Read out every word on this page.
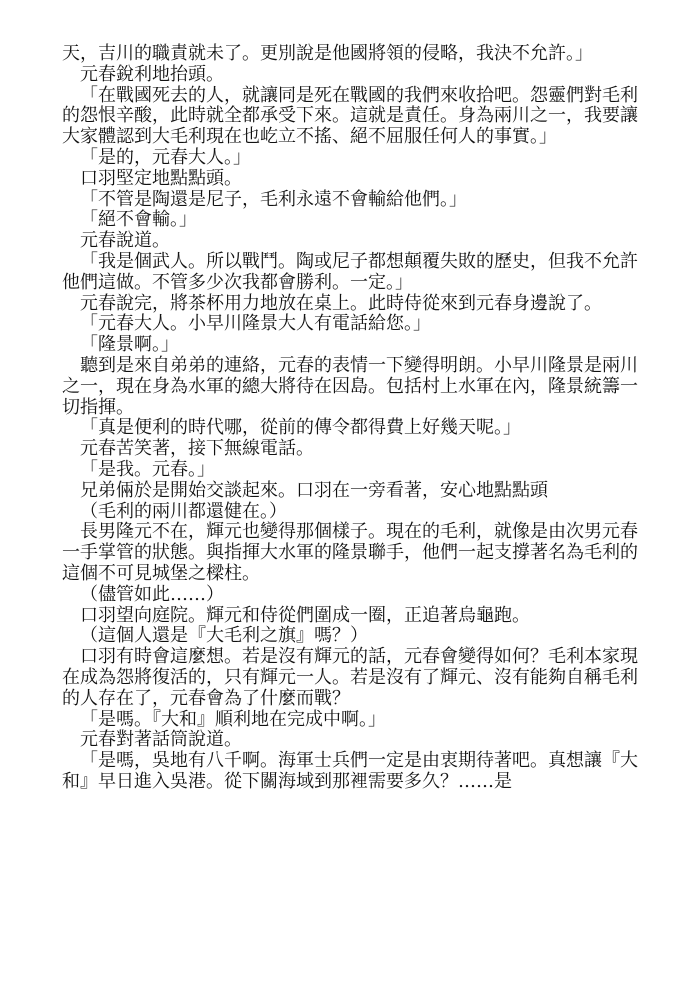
天，吉川的職責就未了。更別說是他國將領的侵略，我決不允許。」

元春銳利地抬頭。

「在戰國死去的人，就讓同是死在戰國的我們來收拾吧。怨靈們對毛利的怨恨辛酸，此時就全都承受下來。這就是責任。身為兩川之一，我要讓大家體認到大毛利現在也屹立不搖、絕不屈服任何人的事實。」

「是的，元春大人。」

口羽堅定地點點頭。

「不管是陶還是尼子，毛利永遠不會輸給他們。」

「絕不會輸。」

元春說道。

「我是個武人。所以戰鬥。陶或尼子都想顛覆失敗的歷史，但我不允許他們這做。不管多少次我都會勝利。一定。」

元春說完，將茶杯用力地放在桌上。此時侍從來到元春身邊說了。

「元春大人。小早川隆景大人有電話給您。」

「隆景啊。」

聽到是來自弟弟的連絡，元春的表情一下變得明朗。小早川隆景是兩川之一，現在身為水軍的總大將待在因島。包括村上水軍在內，隆景統籌一切指揮。

「真是便利的時代哪，從前的傳令都得費上好幾天呢。」

元春苦笑著，接下無線電話。

「是我。元春。」

兄弟倆於是開始交談起來。口羽在一旁看著，安心地點點頭

（毛利的兩川都還健在。）

長男隆元不在，輝元也變得那個樣子。現在的毛利，就像是由次男元春一手掌管的狀態。與指揮大水軍的隆景聯手，他們一起支撐著名為毛利的這個不可見城堡之樑柱。

（儘管如此……）

口羽望向庭院。輝元和侍從們圍成一圈，正追著烏龜跑。

（這個人還是『大毛利之旗』嗎？）

口羽有時會這麼想。若是沒有輝元的話，元春會變得如何？毛利本家現在成為怨將復活的，只有輝元一人。若是沒有了輝元、沒有能夠自稱毛利的人存在了，元春會為了什麼而戰？

「是嗎。『大和』順利地在完成中啊。」

元春對著話筒說道。

「是嗎，吳地有八千啊。海軍士兵們一定是由衷期待著吧。真想讓『大和』早日進入吳港。從下關海域到那裡需要多久？……是
